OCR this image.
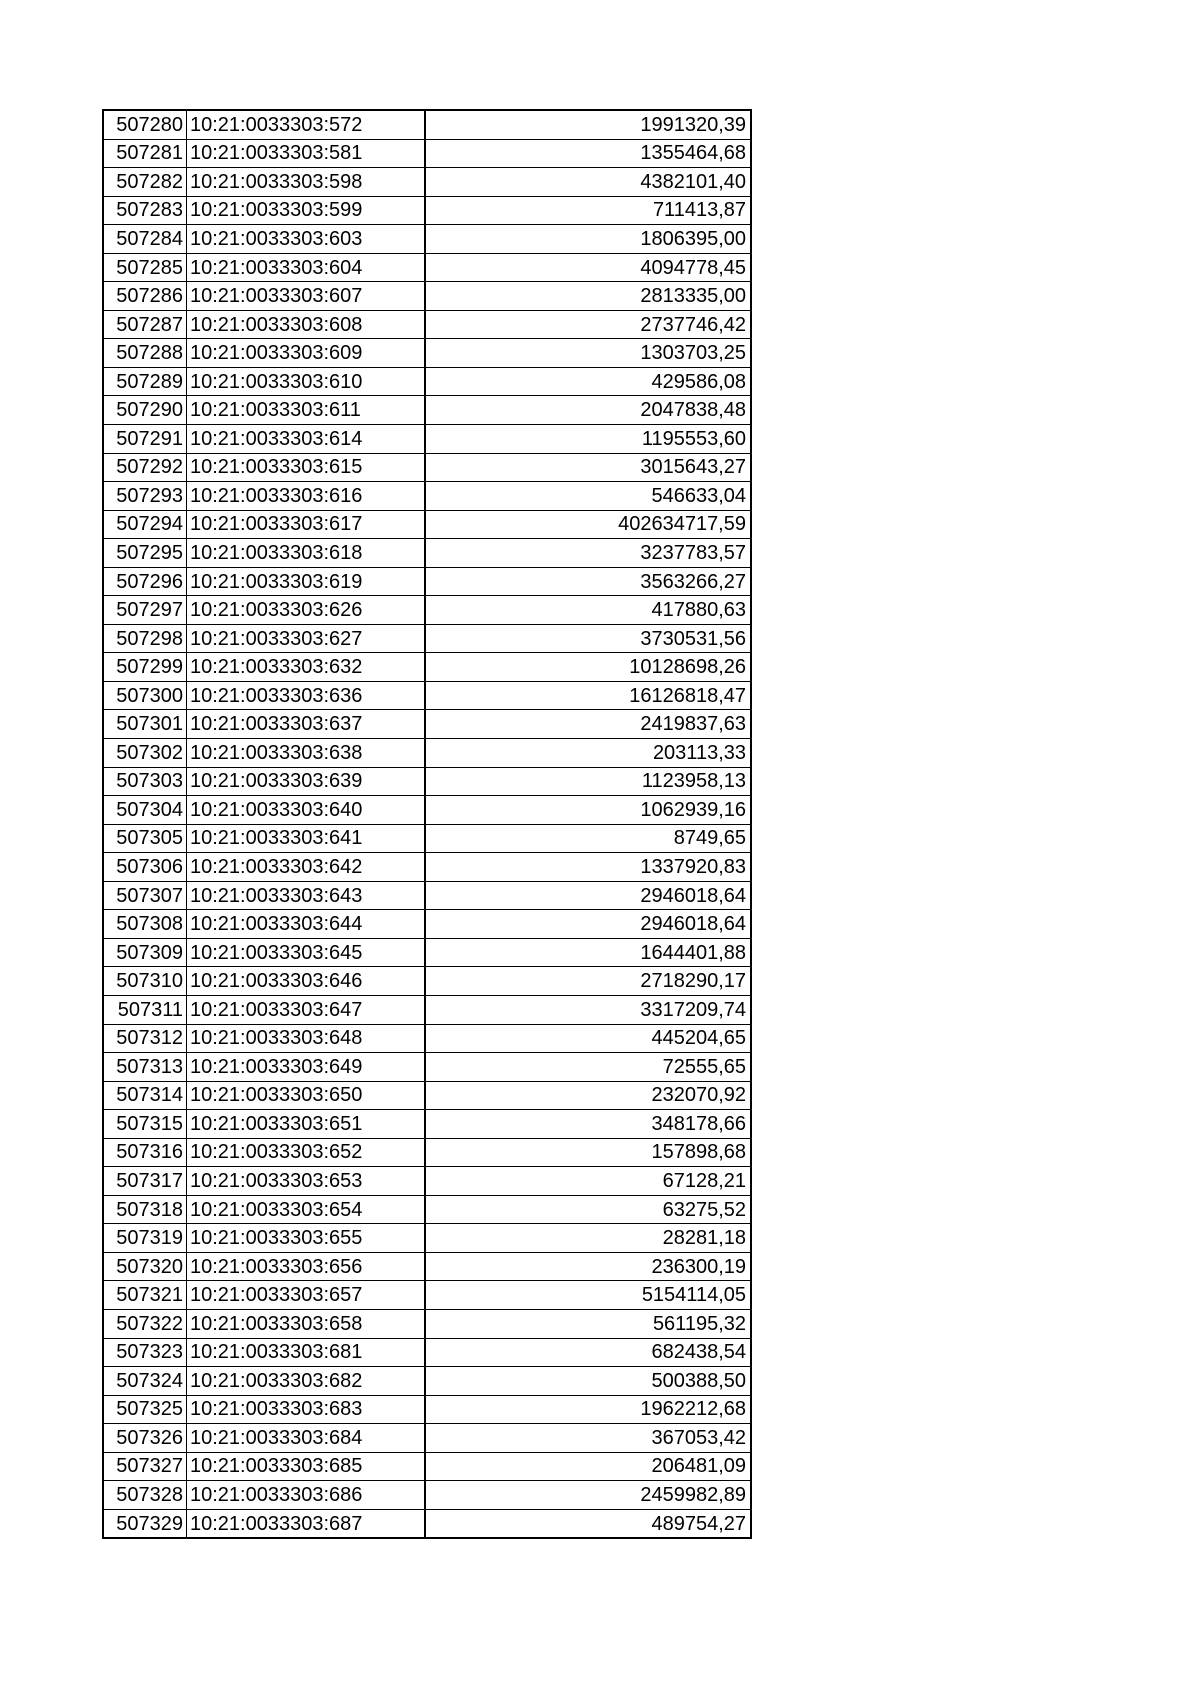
507280	10:21:0033303:572	1991320,39
507281	10:21:0033303:581	1355464,68
507282	10:21:0033303:598	4382101,40
507283	10:21:0033303:599	711413,87
507284	10:21:0033303:603	1806395,00
507285	10:21:0033303:604	4094778,45
507286	10:21:0033303:607	2813335,00
507287	10:21:0033303:608	2737746,42
507288	10:21:0033303:609	1303703,25
507289	10:21:0033303:610	429586,08
507290	10:21:0033303:611	2047838,48
507291	10:21:0033303:614	1195553,60
507292	10:21:0033303:615	3015643,27
507293	10:21:0033303:616	546633,04
507294	10:21:0033303:617	402634717,59
507295	10:21:0033303:618	3237783,57
507296	10:21:0033303:619	3563266,27
507297	10:21:0033303:626	417880,63
507298	10:21:0033303:627	3730531,56
507299	10:21:0033303:632	10128698,26
507300	10:21:0033303:636	16126818,47
507301	10:21:0033303:637	2419837,63
507302	10:21:0033303:638	203113,33
507303	10:21:0033303:639	1123958,13
507304	10:21:0033303:640	1062939,16
507305	10:21:0033303:641	8749,65
507306	10:21:0033303:642	1337920,83
507307	10:21:0033303:643	2946018,64
507308	10:21:0033303:644	2946018,64
507309	10:21:0033303:645	1644401,88
507310	10:21:0033303:646	2718290,17
507311	10:21:0033303:647	3317209,74
507312	10:21:0033303:648	445204,65
507313	10:21:0033303:649	72555,65
507314	10:21:0033303:650	232070,92
507315	10:21:0033303:651	348178,66
507316	10:21:0033303:652	157898,68
507317	10:21:0033303:653	67128,21
507318	10:21:0033303:654	63275,52
507319	10:21:0033303:655	28281,18
507320	10:21:0033303:656	236300,19
507321	10:21:0033303:657	5154114,05
507322	10:21:0033303:658	561195,32
507323	10:21:0033303:681	682438,54
507324	10:21:0033303:682	500388,50
507325	10:21:0033303:683	1962212,68
507326	10:21:0033303:684	367053,42
507327	10:21:0033303:685	206481,09
507328	10:21:0033303:686	2459982,89
507329	10:21:0033303:687	489754,27
